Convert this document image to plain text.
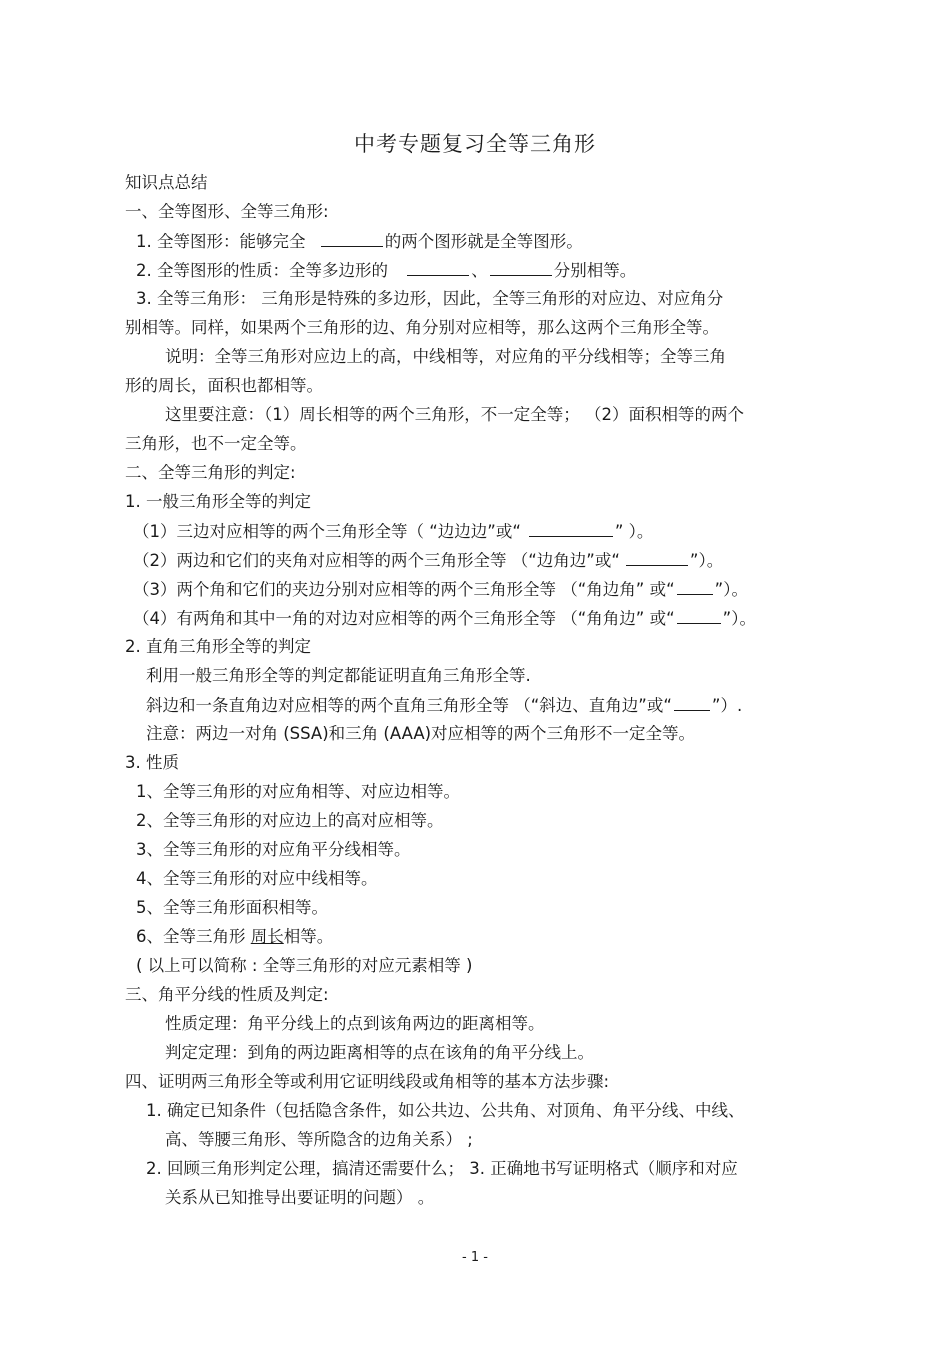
中考专题复习全等三角形
知识点总结
一、全等图形、全等三角形:
1. 全等图形：能够完全	的两个图形就是全等图形。
2. 全等图形的性质：全等多边形的	、	分别相等。
3. 全等三角形： 三角形是特殊的多边形，因此，全等三角形的对应边、对应角分
别相等。同样，如果两个三角形的边、角分别对应相等，那么这两个三角形全等。
说明：全等三角形对应边上的高，中线相等，对应角的平分线相等；全等三角
形的周长，面积也都相等。
这里要注意：（1）周长相等的两个三角形，不一定全等； （2）面积相等的两个
三角形，也不一定全等。
二、全等三角形的判定:
1. 一般三角形全等的判定
（1）三边对应相等的两个三角形全等（ “边边边”或“	” ）。
（2）两边和它们的夹角对应相等的两个三角形全等 （“边角边”或“	”）。
（3）两个角和它们的夹边分别对应相等的两个三角形全等 （“角边角” 或“ ”）。
（4）有两角和其中一角的对边对应相等的两个三角形全等 （“角角边” 或“	”）。
2. 直角三角形全等的判定
利用一般三角形全等的判定都能证明直角三角形全等.
斜边和一条直角边对应相等的两个直角三角形全等 （“斜边、直角边”或“ ”）.
注意：两边一对角 (SSA)和三角 (AAA)对应相等的两个三角形不一定全等。
3. 性质
1、全等三角形的对应角相等、对应边相等。
2、全等三角形的对应边上的高对应相等。
3、全等三角形的对应角平分线相等。
4、全等三角形的对应中线相等。
5、全等三角形面积相等。
6、全等三角形 周长相等。
( 以上可以简称 : 全等三角形的对应元素相等 )
三、角平分线的性质及判定:
性质定理：角平分线上的点到该角两边的距离相等。
判定定理：到角的两边距离相等的点在该角的角平分线上。
四、证明两三角形全等或利用它证明线段或角相等的基本方法步骤:
1. 确定已知条件（包括隐含条件，如公共边、公共角、对顶角、角平分线、中线、
高、等腰三角形、等所隐含的边角关系） ;
2. 回顾三角形判定公理，搞清还需要什么； 3. 正确地书写证明格式（顺序和对应
关系从已知推导出要证明的问题） 。
- 1 -
